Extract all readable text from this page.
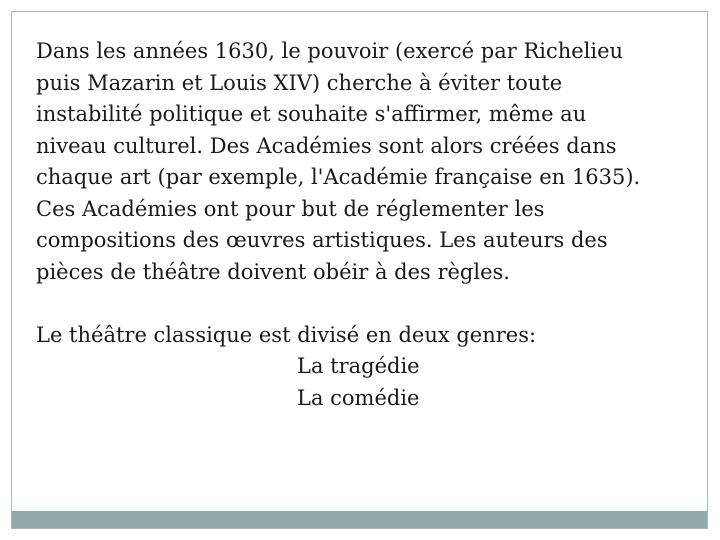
Dans les années 1630, le pouvoir (exercé par Richelieu
puis Mazarin et Louis XIV) cherche à éviter toute
instabilité politique et souhaite s'affirmer, même au
niveau culturel. Des Académies sont alors créées dans
chaque art (par exemple, l'Académie française en 1635).
Ces Académies ont pour but de réglementer les
compositions des œuvres artistiques. Les auteurs des
pièces de théâtre doivent obéir à des règles.
Le théâtre classique est divisé en deux genres:
La tragédie
La comédie
